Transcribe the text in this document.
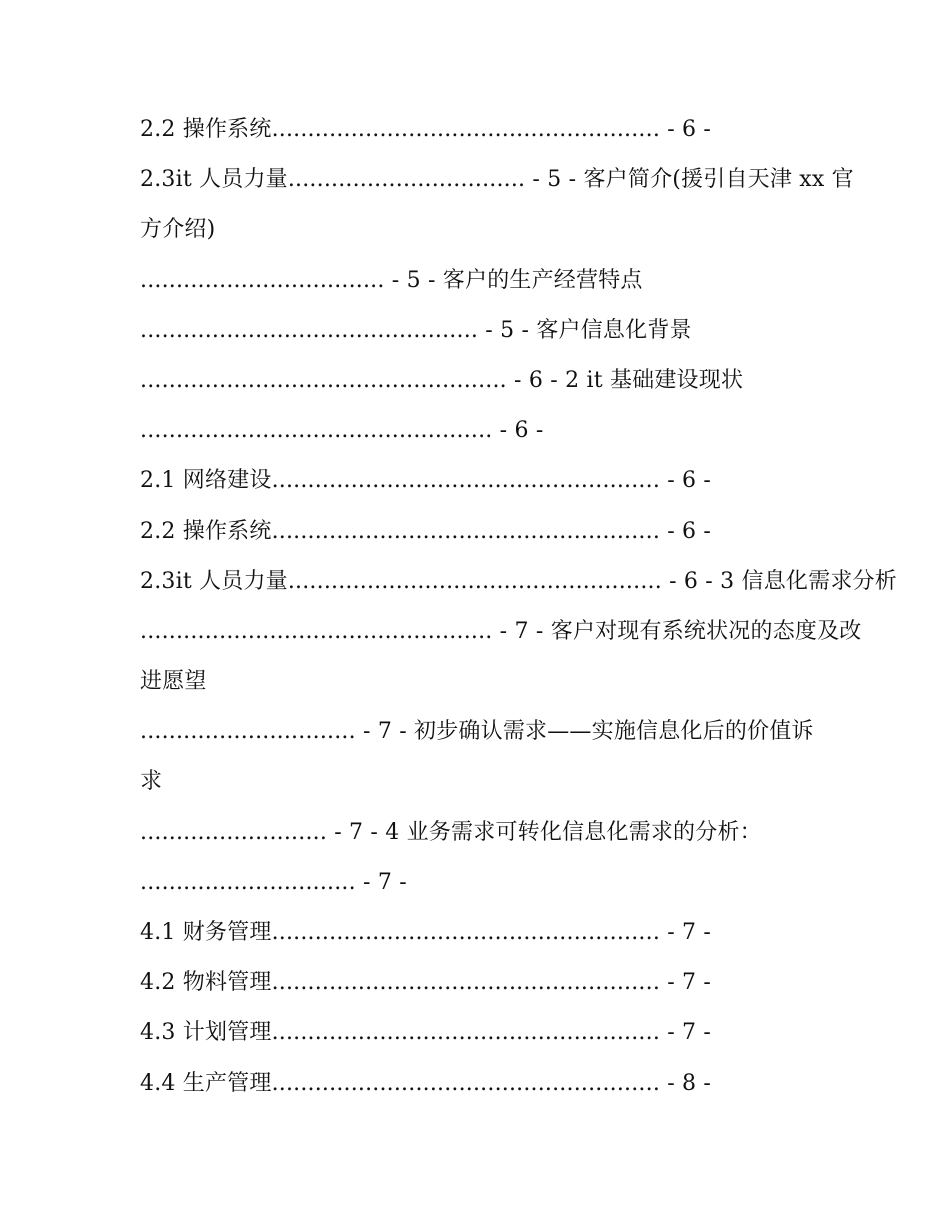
2.2 操作系统...................................................... - 6 -
2.3it 人员力量................................. - 5 - 客户简介(援引自天津 xx 官
方介绍)
.................................. - 5 - 客户的生产经营特点
............................................... - 5 - 客户信息化背景
................................................... - 6 - 2 it 基础建设现状
................................................. - 6 -
2.1 网络建设...................................................... - 6 -
2.2 操作系统...................................................... - 6 -
2.3it 人员力量.................................................... - 6 - 3 信息化需求分析
................................................. - 7 - 客户对现有系统状况的态度及改
进愿望
.............................. - 7 - 初步确认需求——实施信息化后的价值诉
求
.......................... - 7 - 4 业务需求可转化信息化需求的分析：
.............................. - 7 -
4.1 财务管理...................................................... - 7 -
4.2 物料管理...................................................... - 7 -
4.3 计划管理...................................................... - 7 -
4.4 生产管理...................................................... - 8 -
